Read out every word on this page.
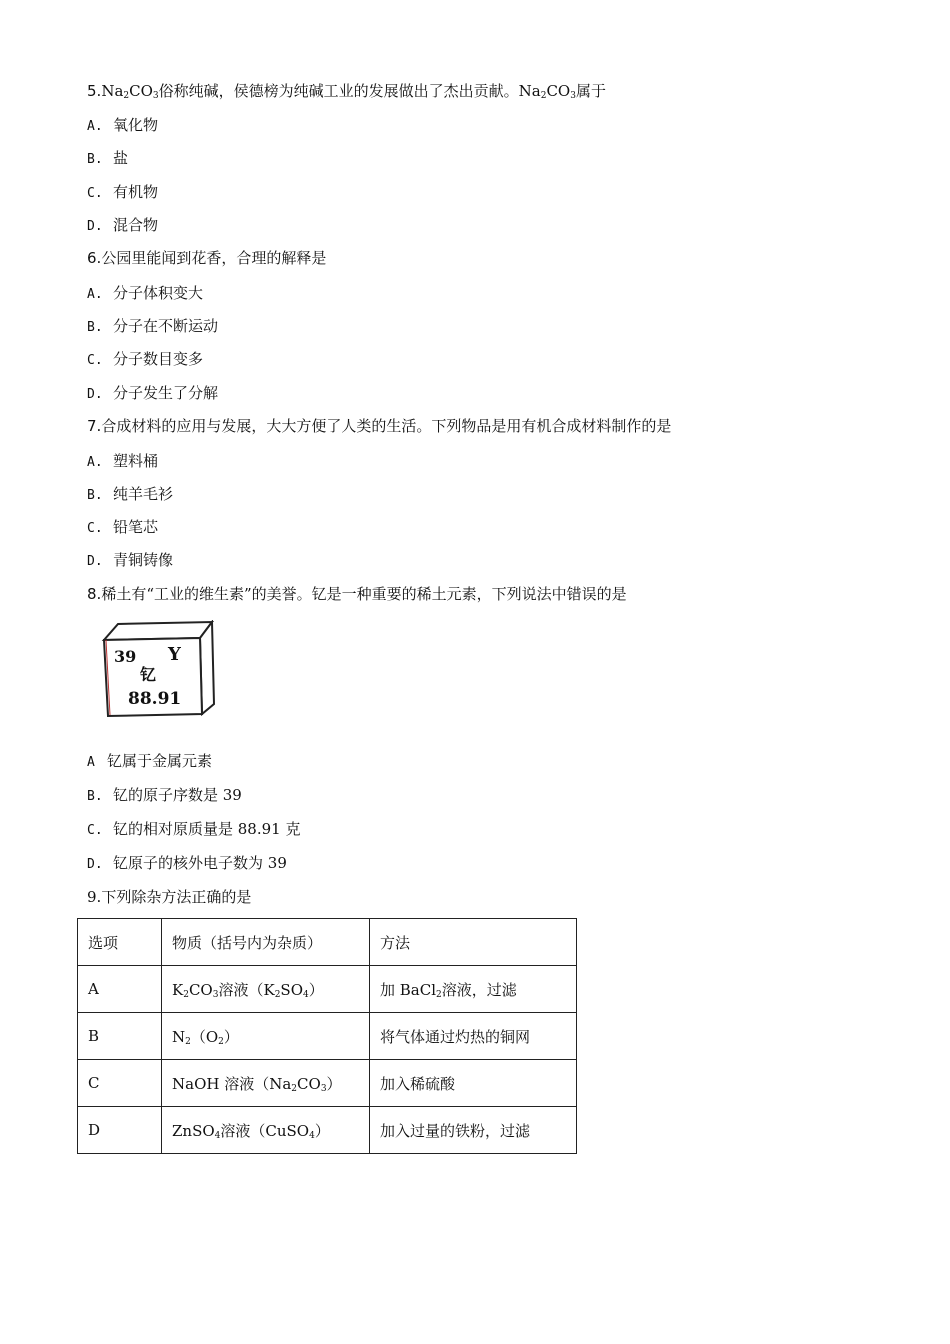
$5.Na_2CO_3$俗称纯碱，侯德榜为纯碱工业的发展做出了杰出贡献。$Na_2CO_3$属于
A. 氧化物
B. 盐
C. 有机物
D. 混合物
6.公园里能闻到花香，合理的解释是
A. 分子体积变大
B. 分子在不断运动
C. 分子数目变多
D. 分子发生了分解
7.合成材料的应用与发展，大大方便了人类的生活。下列物品是用有机合成材料制作的是
A. 塑料桶
B. 纯羊毛衫
C. 铅笔芯
D. 青铜铸像
8.稀土有“工业的维生素”的美誉。钇是一种重要的稀土元素，下列说法中错误的是
39 Y
钇
88.91
A 钇属于金属元素
B. 钇的原子序数是 39
C. 钇的相对原质量是 88.91 克
D. 钇原子的核外电子数为 39
9.下列除杂方法正确的是
选项	物质（括号内为杂质）	方法
A	$K_2CO_3$溶液$(K_2SO_4)$	加 BaCl$_2$溶液，过滤
B	$N_2(O_2)$	将气体通过灼热的铜网
C	NaOH 溶液$(Na_2CO_3)$	加入稀硫酸
D	ZnSO$_4$溶液（CuSO$_4$）	加入过量的铁粉，过滤
